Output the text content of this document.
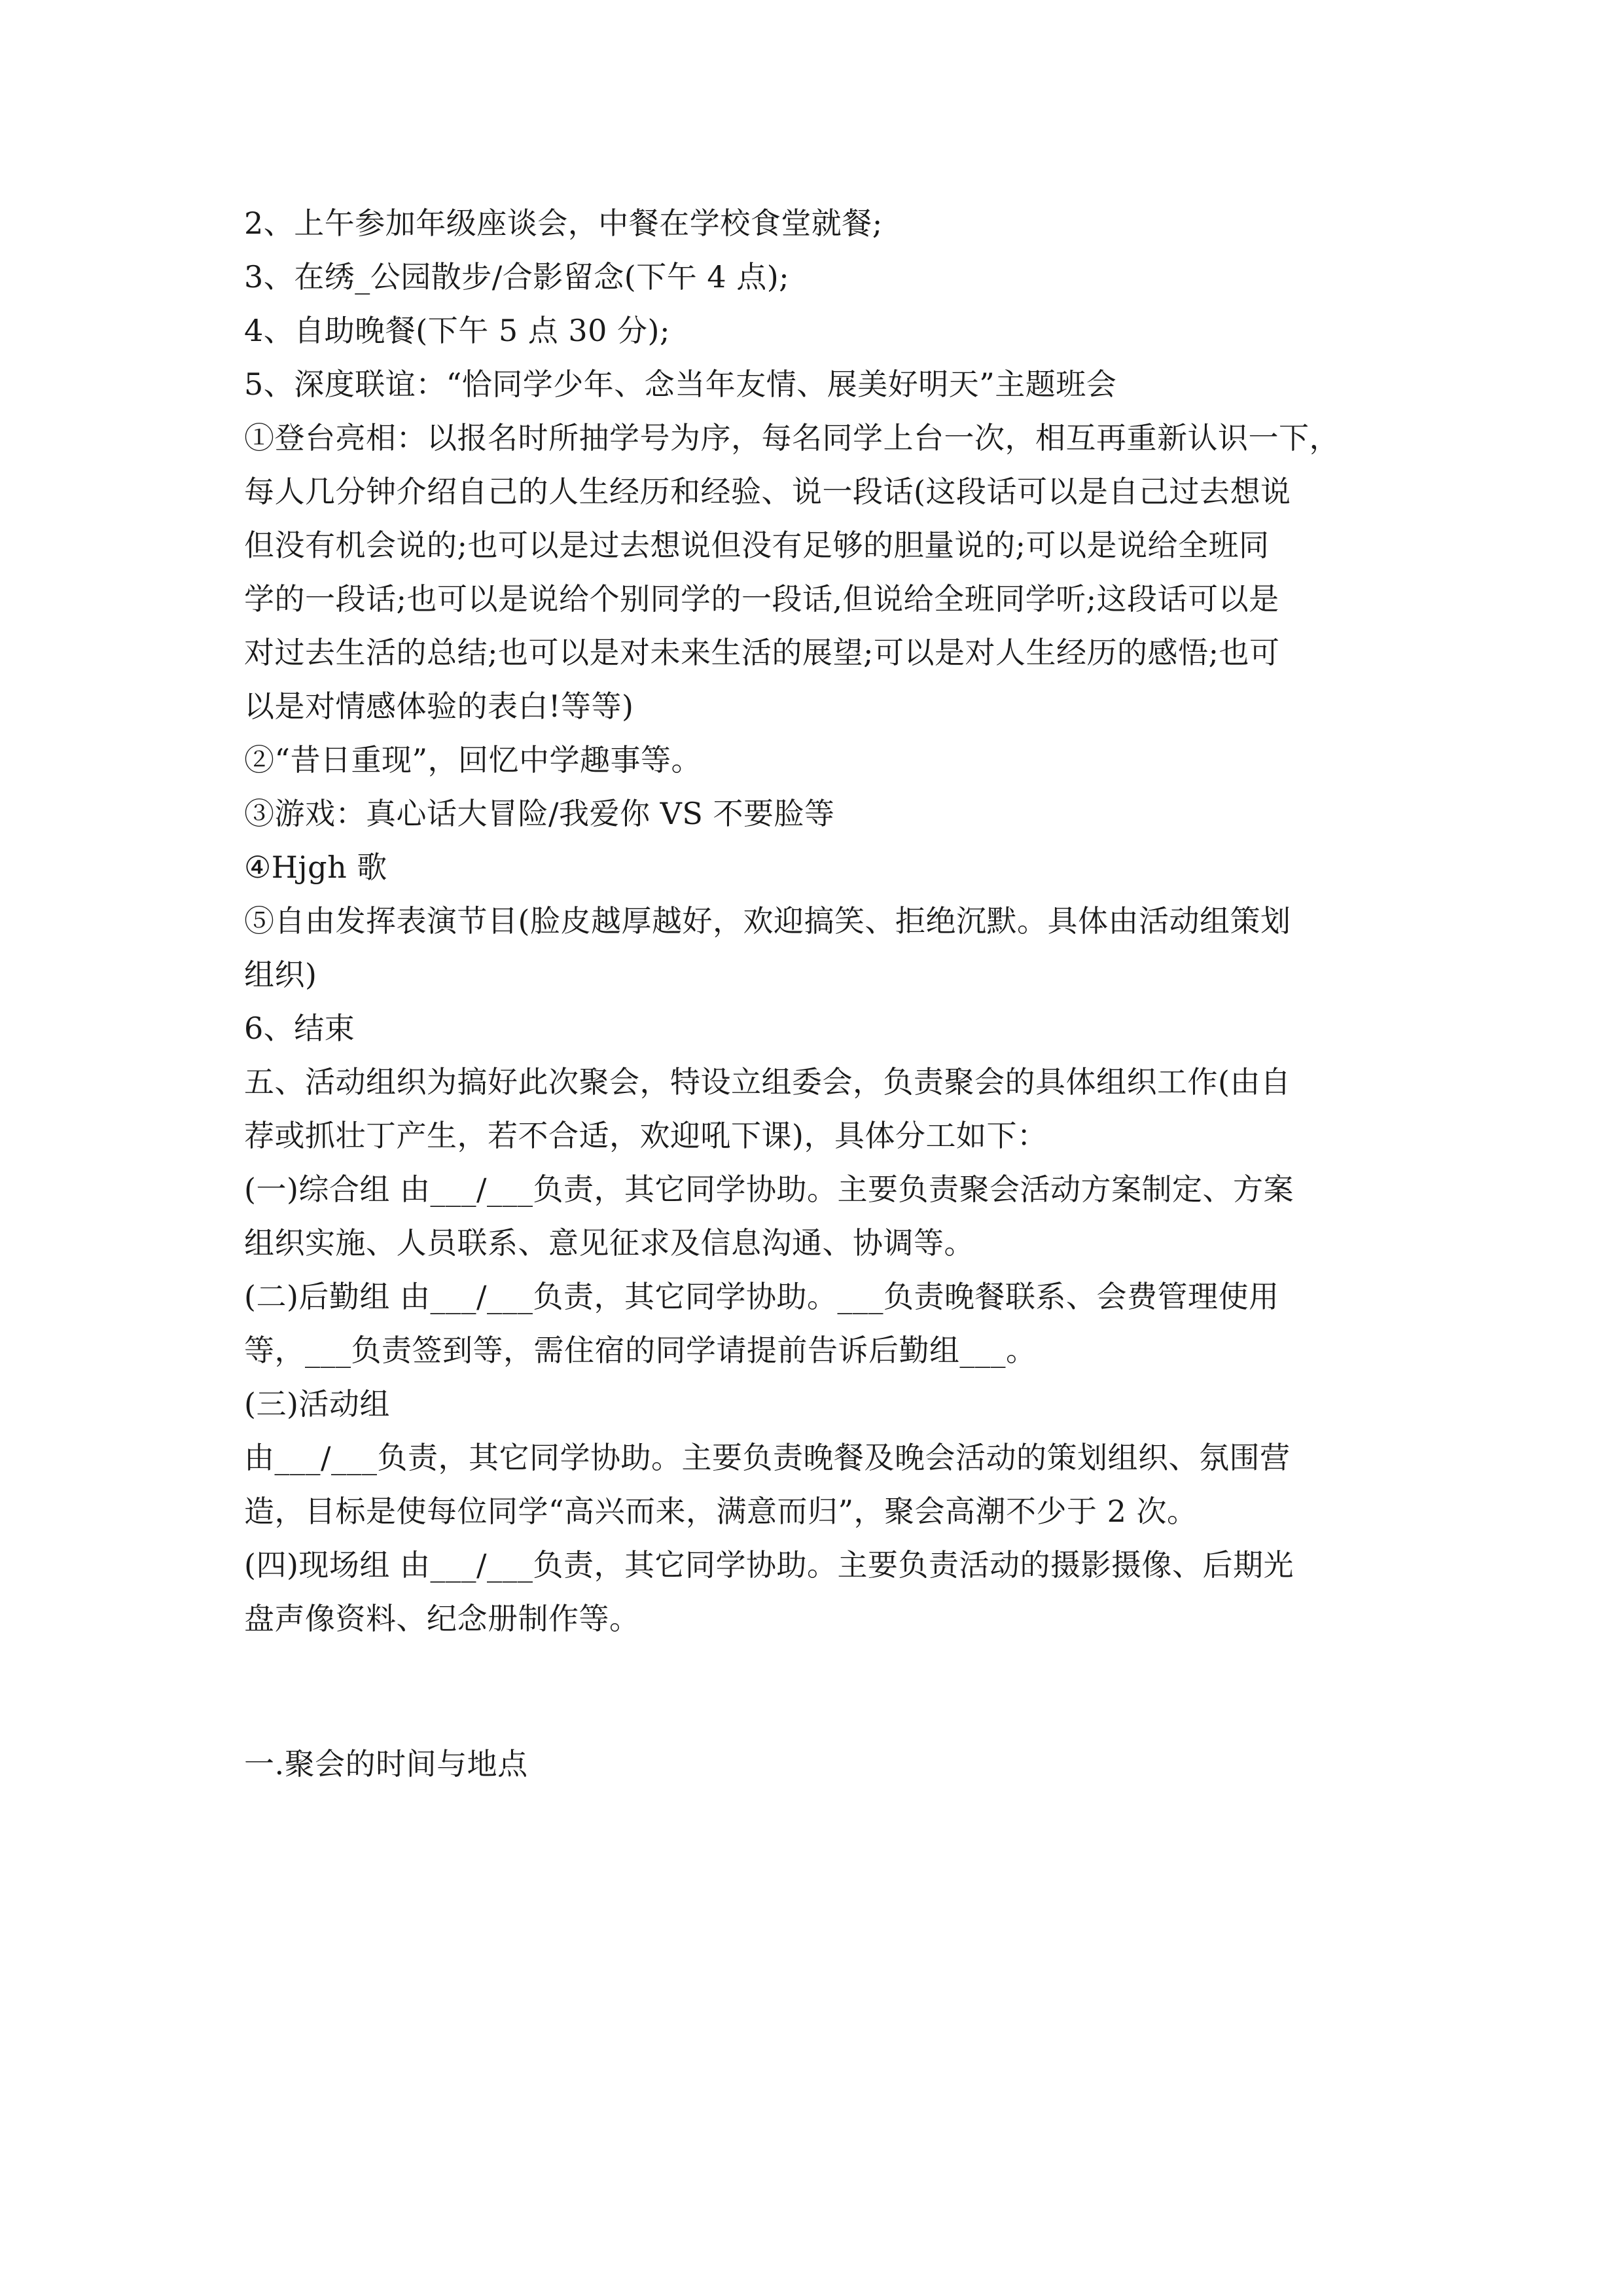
2、上午参加年级座谈会，中餐在学校食堂就餐;
3、在绣_公园散步/合影留念(下午 4 点);
4、自助晚餐(下午 5 点 30 分);
5、深度联谊：“恰同学少年、念当年友情、展美好明天”主题班会
①登台亮相：以报名时所抽学号为序，每名同学上台一次，相互再重新认识一下，
每人几分钟介绍自己的人生经历和经验、说一段话(这段话可以是自己过去想说
但没有机会说的;也可以是过去想说但没有足够的胆量说的;可以是说给全班同
学的一段话;也可以是说给个别同学的一段话,但说给全班同学听;这段话可以是
对过去生活的总结;也可以是对未来生活的展望;可以是对人生经历的感悟;也可
以是对情感体验的表白!等等)
②“昔日重现”，回忆中学趣事等。
③游戏：真心话大冒险/我爱你 VS 不要脸等
④Hjgh 歌
⑤自由发挥表演节目(脸皮越厚越好，欢迎搞笑、拒绝沉默。具体由活动组策划
组织)
6、结束
五、活动组织为搞好此次聚会，特设立组委会，负责聚会的具体组织工作(由自
荐或抓壮丁产生，若不合适，欢迎吼下课)，具体分工如下：
(一)综合组 由___/___负责，其它同学协助。主要负责聚会活动方案制定、方案
组织实施、人员联系、意见征求及信息沟通、协调等。
(二)后勤组 由___/___负责，其它同学协助。___负责晚餐联系、会费管理使用
等，___负责签到等，需住宿的同学请提前告诉后勤组___。
(三)活动组
由___/___负责，其它同学协助。主要负责晚餐及晚会活动的策划组织、氛围营
造，目标是使每位同学“高兴而来，满意而归”，聚会高潮不少于 2 次。
(四)现场组 由___/___负责，其它同学协助。主要负责活动的摄影摄像、后期光
盘声像资料、纪念册制作等。
一.聚会的时间与地点
